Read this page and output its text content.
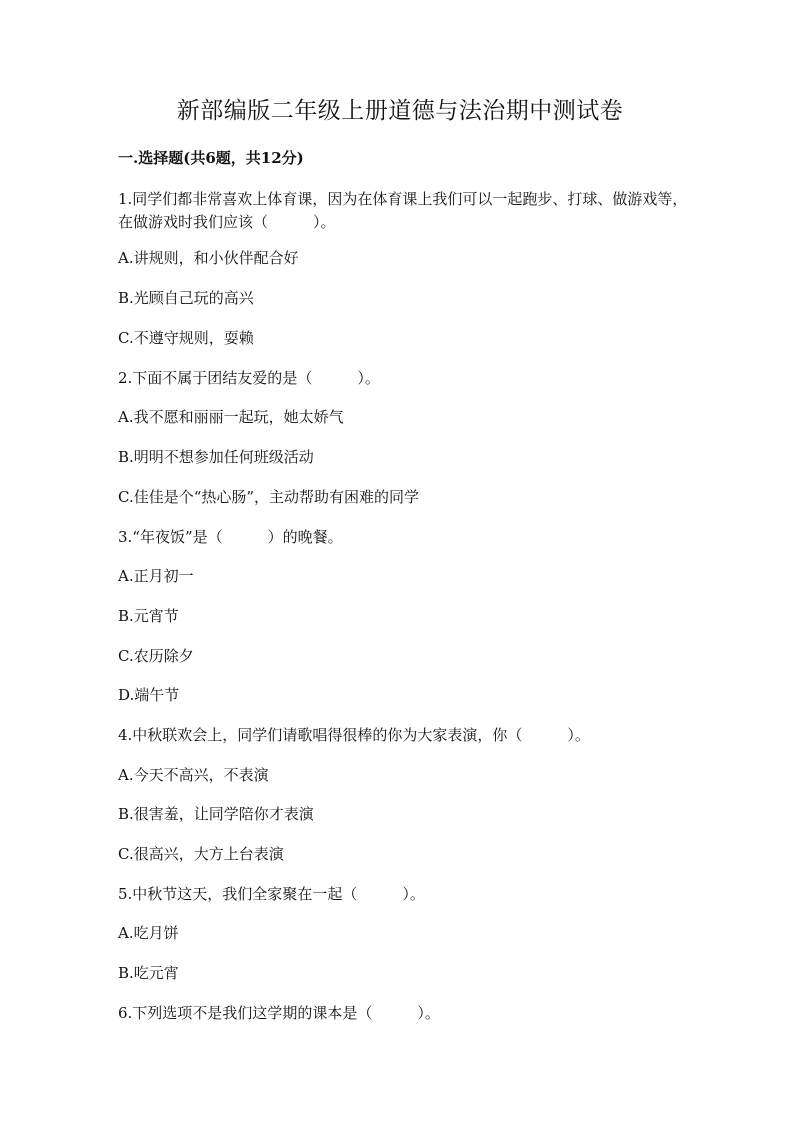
新部编版二年级上册道德与法治期中测试卷

一.选择题(共6题，共12分)

1.同学们都非常喜欢上体育课，因为在体育课上我们可以一起跑步、打球、做游戏等，在做游戏时我们应该（　　　）。

A.讲规则，和小伙伴配合好

B.光顾自己玩的高兴

C.不遵守规则，耍赖

2.下面不属于团结友爱的是（　　　）。

A.我不愿和丽丽一起玩，她太娇气

B.明明不想参加任何班级活动

C.佳佳是个“热心肠”，主动帮助有困难的同学

3.“年夜饭”是（　　　）的晚餐。

A.正月初一

B.元宵节

C.农历除夕

D.端午节

4.中秋联欢会上，同学们请歌唱得很棒的你为大家表演，你（　　　）。

A.今天不高兴，不表演

B.很害羞，让同学陪你才表演

C.很高兴，大方上台表演

5.中秋节这天，我们全家聚在一起（　　　）。

A.吃月饼

B.吃元宵

6.下列选项不是我们这学期的课本是（　　　）。
